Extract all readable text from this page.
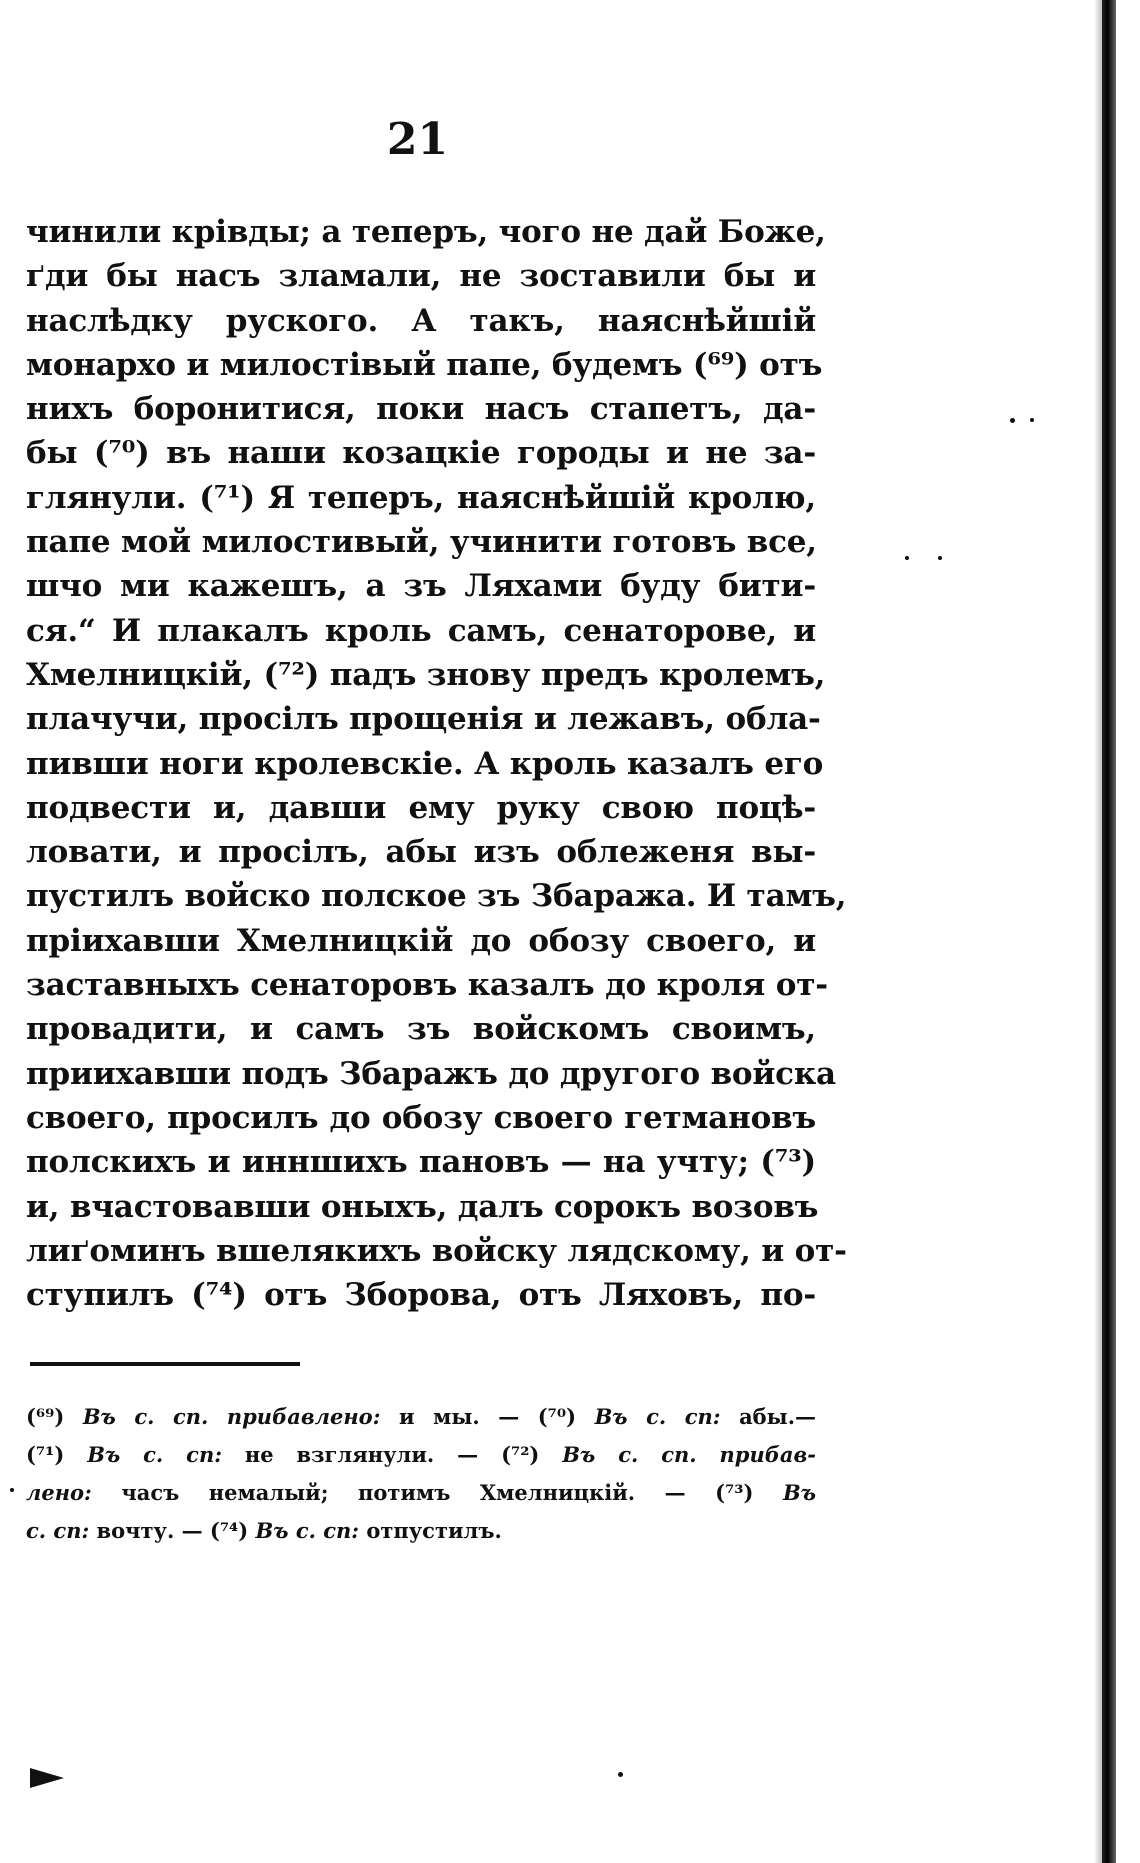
21
чинили крівды; а теперъ, чого не дай Боже,
ґди бы насъ зламали, не зоставили бы и
наслѣдку руского. А такъ, наяснѣйшій
монархо и милостівый папе, будемъ (⁶⁹) отъ
нихъ боронитися, поки насъ стапетъ, да-
бы (⁷⁰) въ наши козацкіе городы и не за-
глянули. (⁷¹) Я теперъ, наяснѣйшій кролю,
папе мой милостивый, учинити готовъ все,
шчо ми кажешъ, а зъ Ляхами буду бити-
ся.“ И плакалъ кроль самъ, сенаторове, и
Хмелницкій, (⁷²) падъ знову предъ кролемъ,
плачучи, просілъ прощенія и лежавъ, обла-
пивши ноги кролевскіе. А кроль казалъ его
подвести и, давши ему руку свою поцѣ-
ловати, и просілъ, абы изъ облеженя вы-
пустилъ войско полское зъ Збаража. И тамъ,
пріихавши Хмелницкій до обозу своего, и
заставныхъ сенаторовъ казалъ до кроля от-
провадити, и самъ зъ войскомъ своимъ,
приихавши подъ Збаражъ до другого войска
своего, просилъ до обозу своего гетмановъ
полскихъ и инншихъ пановъ — на учту; (⁷³)
и, вчастовавши оныхъ, далъ сорокъ возовъ
лиґоминъ вшелякихъ войску лядскому, и от-
ступилъ (⁷⁴) отъ Зборова, отъ Ляховъ, по-
(⁶⁹) Въ с. сп. прибавлено: и мы. — (⁷⁰) Въ с. сп: абы.—
(⁷¹) Въ с. сп: не взглянули. — (⁷²) Въ с. сп. прибав-
лено: часъ немалый; потимъ Хмелницкій. — (⁷³) Въ
с. сп: вочту. — (⁷⁴) Въ с. сп: отпустилъ.
